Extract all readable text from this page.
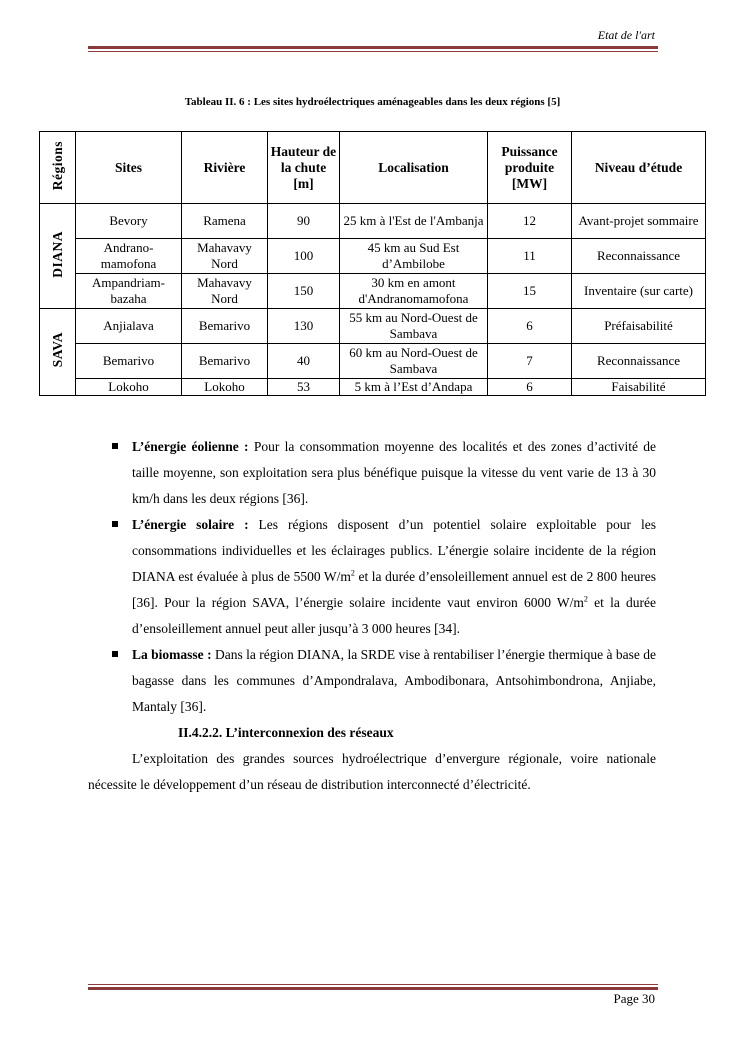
Etat de l'art
Tableau II. 6 : Les sites hydroélectriques aménageables dans les deux régions [5]
Régions	Sites	Rivière	Hauteur de la chute [m]	Localisation	Puissance produite [MW]	Niveau d’étude
DIANA	Bevory	Ramena	90	25 km à l'Est de l'Ambanja	12	Avant-projet sommaire
	Andrano-mamofona	Mahavavy Nord	100	45 km au Sud Est d’Ambilobe	11	Reconnaissance
	Ampandriam-bazaha	Mahavavy Nord	150	30 km en amont d'Andranomamofona	15	Inventaire (sur carte)
SAVA	Anjialava	Bemarivo	130	55 km au Nord-Ouest de Sambava	6	Préfaisabilité
	Bemarivo	Bemarivo	40	60 km au Nord-Ouest de Sambava	7	Reconnaissance
	Lokoho	Lokoho	53	5 km à l’Est d’Andapa	6	Faisabilité

L’énergie éolienne : Pour la consommation moyenne des localités et des zones d’activité de taille moyenne, son exploitation sera plus bénéfique puisque la vitesse du vent varie de 13 à 30 km/h dans les deux régions [36].

L’énergie solaire : Les régions disposent d’un potentiel solaire exploitable pour les consommations individuelles et les éclairages publics. L’énergie solaire incidente de la région DIANA est évaluée à plus de 5500 $W/m^2$ et la durée d’ensoleillement annuel est de 2 800 heures [36]. Pour la région SAVA, l’énergie solaire incidente vaut environ 6000 $W/m^2$ et la durée d’ensoleillement annuel peut aller jusqu’à 3 000 heures [34].

La biomasse : Dans la région DIANA, la SRDE vise à rentabiliser l’énergie thermique à base de bagasse dans les communes d’Ampondralava, Ambodibonara, Antsohimbondrona, Anjiabe, Mantaly [36].

II.4.2.2. L’interconnexion des réseaux

L’exploitation des grandes sources hydroélectrique d’envergure régionale, voire nationale nécessite le développement d’un réseau de distribution interconnecté d’électricité.

Page 30
